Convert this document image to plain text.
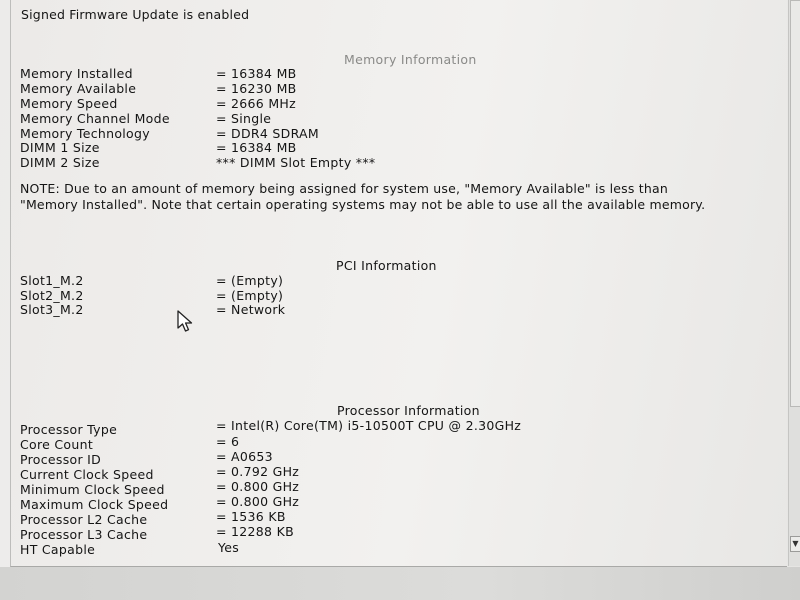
Signed Firmware Update is enabled
Memory Information
Memory Installed	= 16384 MB
Memory Available	= 16230 MB
Memory Speed	= 2666 MHz
Memory Channel Mode	= Single
Memory Technology	= DDR4 SDRAM
DIMM 1 Size	= 16384 MB
DIMM 2 Size	*** DIMM Slot Empty ***
NOTE: Due to an amount of memory being assigned for system use, "Memory Available" is less than "Memory Installed". Note that certain operating systems may not be able to use all the available memory.
PCI Information
Slot1_M.2	= (Empty)
Slot2_M.2	= (Empty)
Slot3_M.2	= Network
Processor Information
Processor Type	= Intel(R) Core(TM) i5-10500T CPU @ 2.30GHz
Core Count	= 6
Processor ID	= A0653
Current Clock Speed	= 0.792 GHz
Minimum Clock Speed	= 0.800 GHz
Maximum Clock Speed	= 0.800 GHz
Processor L2 Cache	= 1536 KB
Processor L3 Cache	= 12288 KB
HT Capable	Yes	▼
